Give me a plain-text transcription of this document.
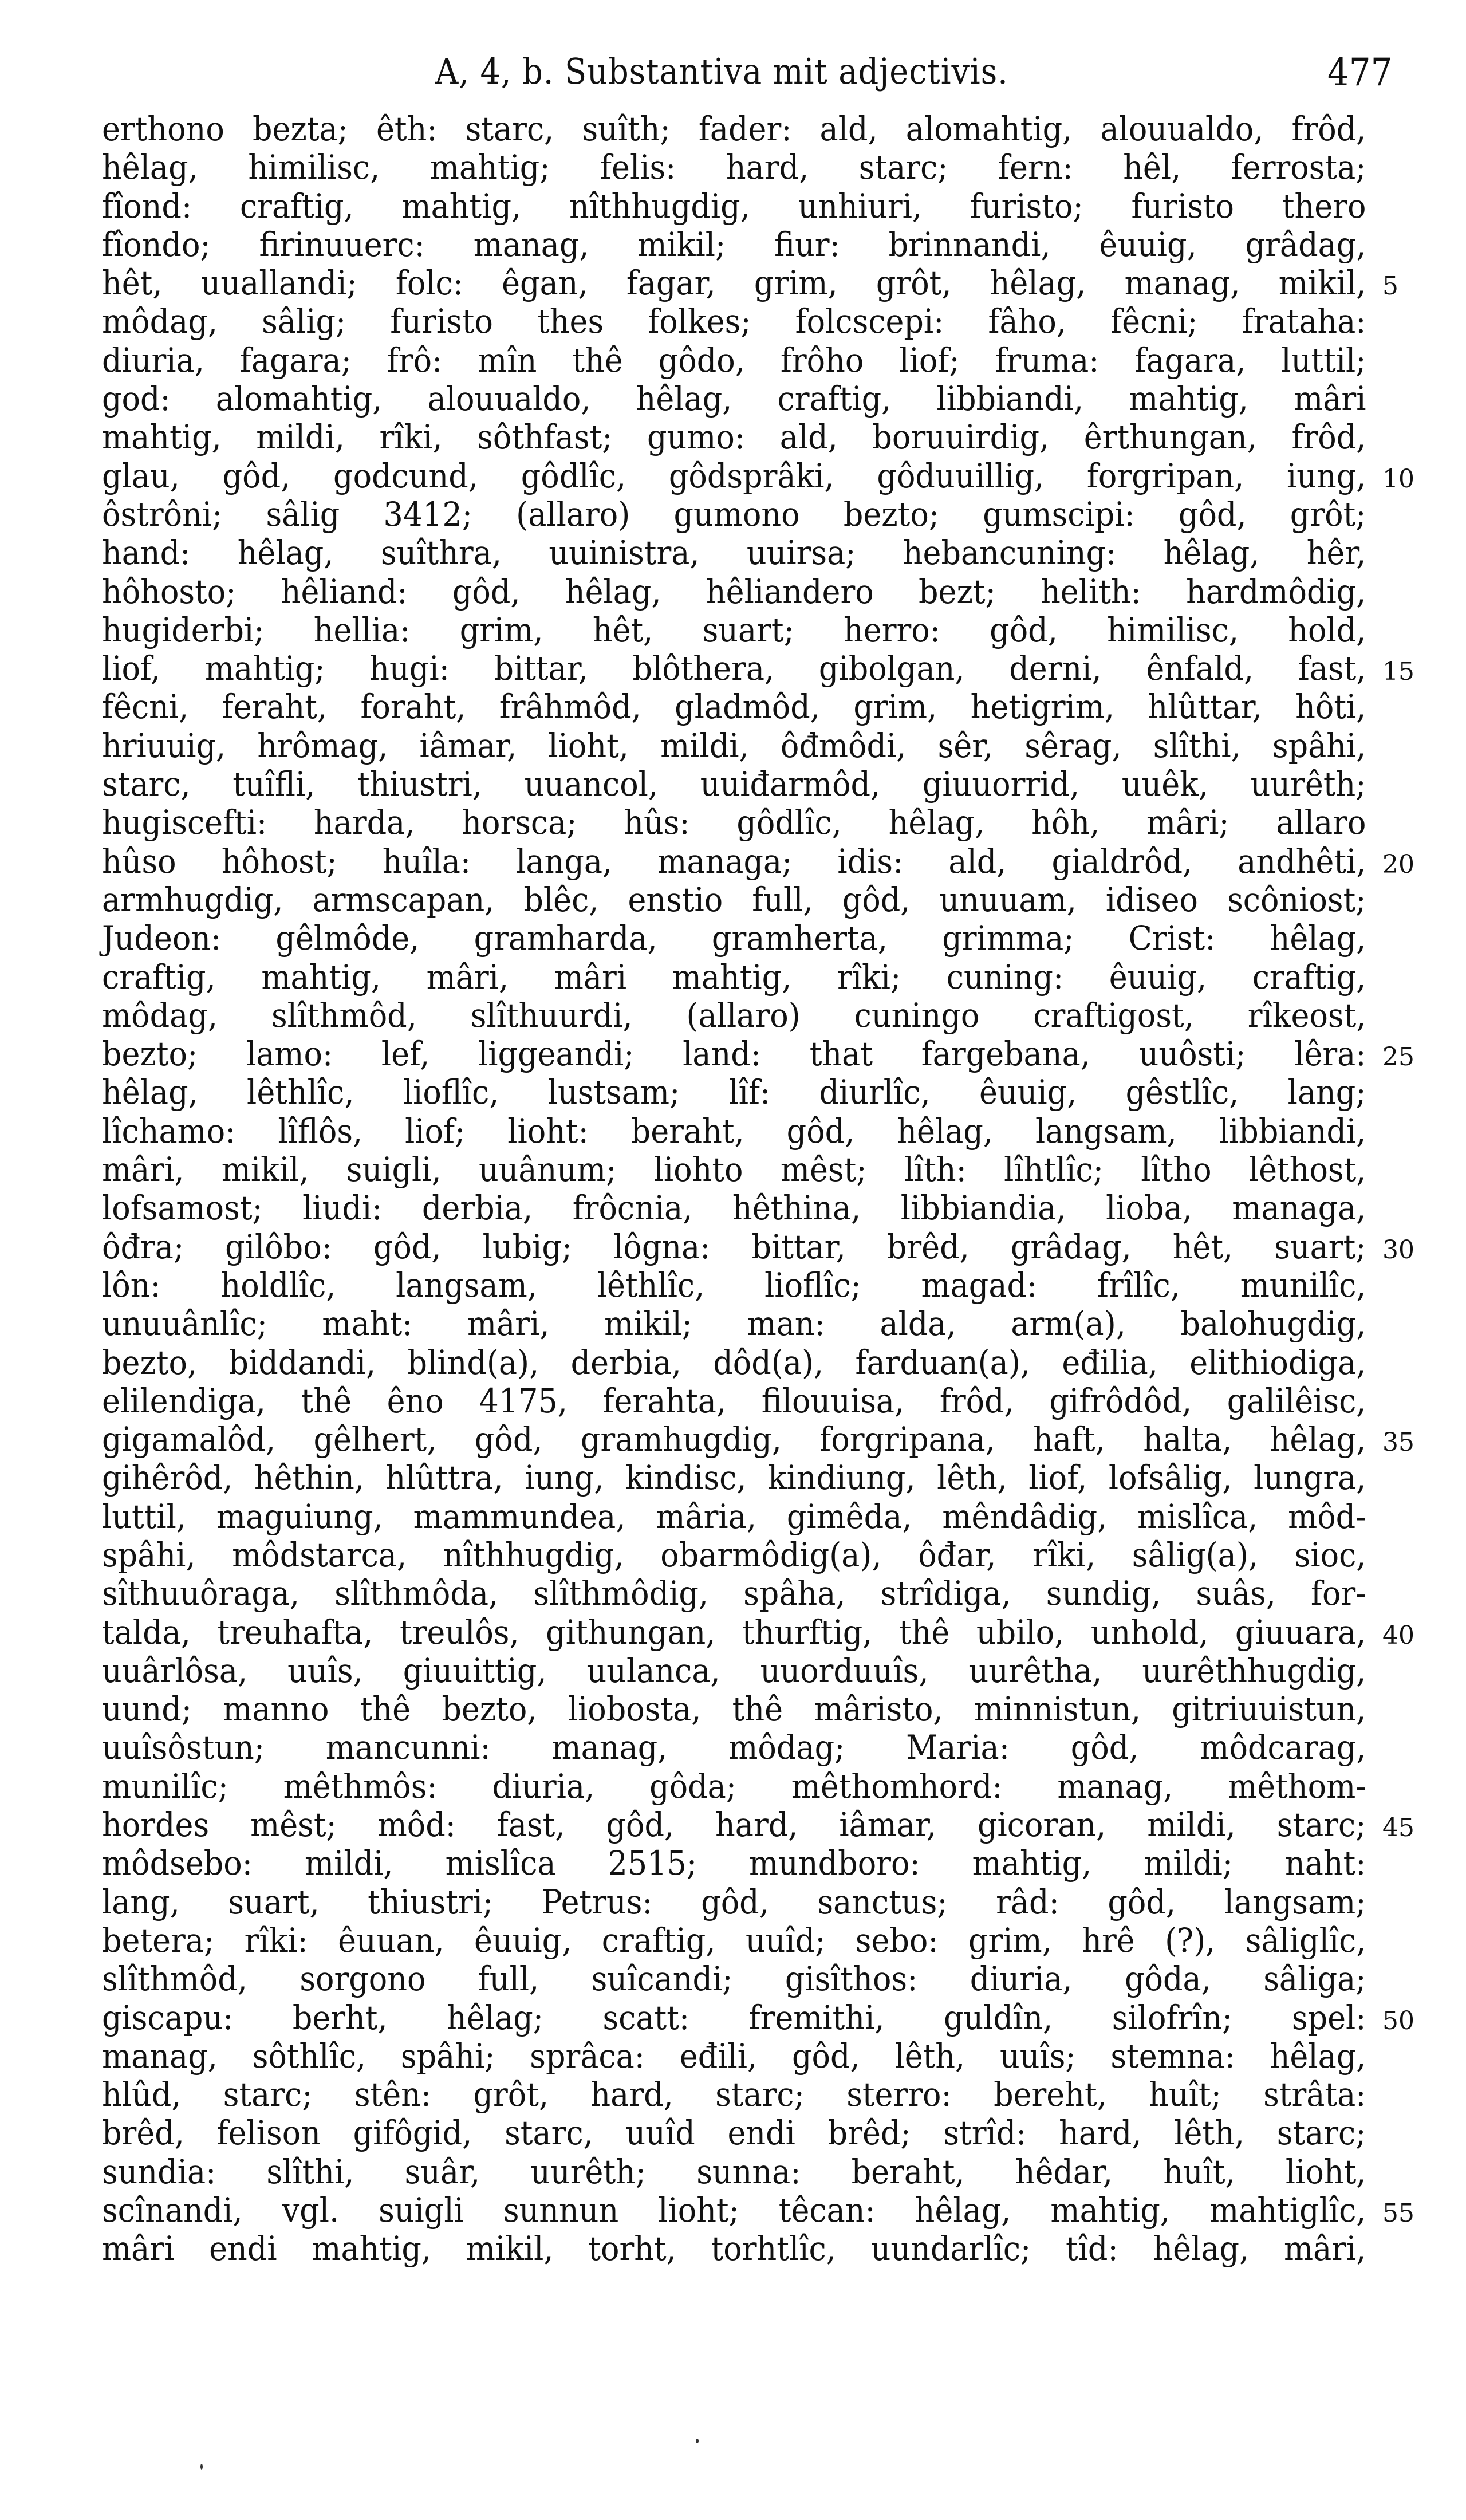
A, 4, b. Substantiva mit adjectivis.	477
erthono bezta; êth: starc, suîth; fader: ald, alomahtig, alouualdo, frôd,
hêlag, himilisc, mahtig; felis: hard, starc; fern: hêl, ferrosta;
fîond: craftig, mahtig, nîthhugdig, unhiuri, furisto; furisto thero
fîondo; firinuuerc: manag, mikil; fiur: brinnandi, êuuig, grâdag,
hêt, uuallandi; folc: êgan, fagar, grim, grôt, hêlag, manag, mikil, 5
môdag, sâlig; furisto thes folkes; folcscepi: fâho, fêcni; frataha:
diuria, fagara; frô: mîn thê gôdo, frôho liof; fruma: fagara, luttil;
god: alomahtig, alouualdo, hêlag, craftig, libbiandi, mahtig, mâri
mahtig, mildi, rîki, sôthfast; gumo: ald, boruuirdig, êrthungan, frôd,
glau, gôd, godcund, gôdlîc, gôdsprâki, gôduuillig, forgripan, iung, 10
ôstrôni; sâlig 3412; (allaro) gumono bezto; gumscipi: gôd, grôt;
hand: hêlag, suîthra, uuinistra, uuirsa; hebancuning: hêlag, hêr,
hôhosto; hêliand: gôd, hêlag, hêliandero bezt; helith: hardmôdig,
hugiderbi; hellia: grim, hêt, suart; herro: gôd, himilisc, hold,
liof, mahtig; hugi: bittar, blôthera, gibolgan, derni, ênfald, fast, 15
fêcni, feraht, foraht, frâhmôd, gladmôd, grim, hetigrim, hlûttar, hôti,
hriuuig, hrômag, iâmar, lioht, mildi, ôđmôdi, sêr, sêrag, slîthi, spâhi,
starc, tuîfli, thiustri, uuancol, uuiđarmôd, giuuorrid, uuêk, uurêth;
hugiscefti: harda, horsca; hûs: gôdlîc, hêlag, hôh, mâri; allaro
hûso hôhost; huîla: langa, managa; idis: ald, gialdrôd, andhêti, 20
armhugdig, armscapan, blêc, enstio full, gôd, unuuam, idiseo scôniost;
Judeon: gêlmôde, gramharda, gramherta, grimma; Crist: hêlag,
craftig, mahtig, mâri, mâri mahtig, rîki; cuning: êuuig, craftig,
môdag, slîthmôd, slîthuurdi, (allaro) cuningo craftigost, rîkeost,
bezto; lamo: lef, liggeandi; land: that fargebana, uuôsti; lêra: 25
hêlag, lêthlîc, lioflîc, lustsam; lîf: diurlîc, êuuig, gêstlîc, lang;
lîchamo: lîflôs, liof; lioht: beraht, gôd, hêlag, langsam, libbiandi,
mâri, mikil, suigli, uuânum; liohto mêst; lîth: lîhtlîc; lîtho lêthost,
lofsamost; liudi: derbia, frôcnia, hêthina, libbiandia, lioba, managa,
ôđra; gilôbo: gôd, lubig; lôgna: bittar, brêd, grâdag, hêt, suart; 30
lôn: holdlîc, langsam, lêthlîc, lioflîc; magad: frîlîc, munilîc,
unuuânlîc; maht: mâri, mikil; man: alda, arm(a), balohugdig,
bezto, biddandi, blind(a), derbia, dôd(a), farduan(a), eđilia, elithiodiga,
elilendiga, thê êno 4175, ferahta, filouuisa, frôd, gifrôdôd, galilêisc,
gigamalôd, gêlhert, gôd, gramhugdig, forgripana, haft, halta, hêlag, 35
gihêrôd, hêthin, hlûttra, iung, kindisc, kindiung, lêth, liof, lofsâlig, lungra,
luttil, maguiung, mammundea, mâria, gimêda, mêndâdig, mislîca, môd-
spâhi, môdstarca, nîthhugdig, obarmôdig(a), ôđar, rîki, sâlig(a), sioc,
sîthuuôraga, slîthmôda, slîthmôdig, spâha, strîdiga, sundig, suâs, for-
talda, treuhafta, treulôs, githungan, thurftig, thê ubilo, unhold, giuuara, 40
uuârlôsa, uuîs, giuuittig, uulanca, uuorduuîs, uurêtha, uurêthhugdig,
uund; manno thê bezto, liobosta, thê mâristo, minnistun, gitriuuistun,
uuîsôstun; mancunni: manag, môdag; Maria: gôd, môdcarag,
munilîc; mêthmôs: diuria, gôda; mêthomhord: manag, mêthom-
hordes mêst; môd: fast, gôd, hard, iâmar, gicoran, mildi, starc; 45
môdsebo: mildi, mislîca 2515; mundboro: mahtig, mildi; naht:
lang, suart, thiustri; Petrus: gôd, sanctus; râd: gôd, langsam;
betera; rîki: êuuan, êuuig, craftig, uuîd; sebo: grim, hrê (?), sâliglîc,
slîthmôd, sorgono full, suîcandi; gisîthos: diuria, gôda, sâliga;
giscapu: berht, hêlag; scatt: fremithi, guldîn, silofrîn; spel: 50
manag, sôthlîc, spâhi; sprâca: eđili, gôd, lêth, uuîs; stemna: hêlag,
hlûd, starc; stên: grôt, hard, starc; sterro: bereht, huît; strâta:
brêd, felison gifôgid, starc, uuîd endi brêd; strîd: hard, lêth, starc;
sundia: slîthi, suâr, uurêth; sunna: beraht, hêdar, huît, lioht,
scînandi, vgl. suigli sunnun lioht; têcan: hêlag, mahtig, mahtiglîc, 55
mâri endi mahtig, mikil, torht, torhtlîc, uundarlîc; tîd: hêlag, mâri,
